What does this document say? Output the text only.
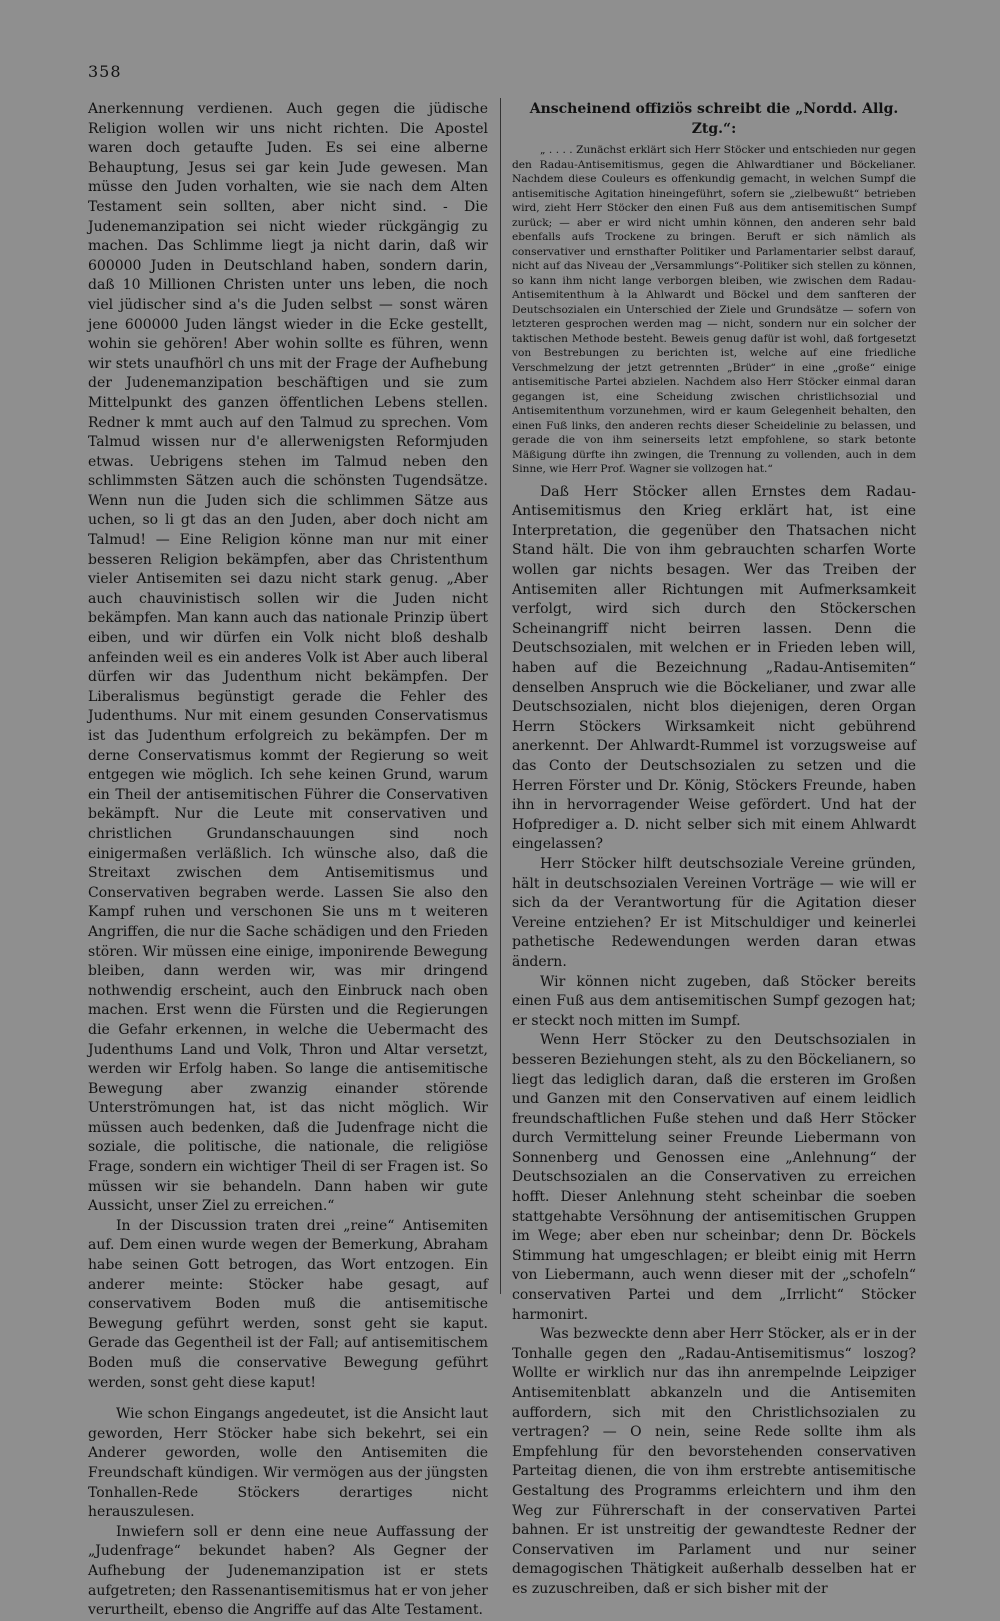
358

Anerkennung verdienen. Auch gegen die jüdische Religion wollen wir uns nicht richten. Die Apostel waren doch getaufte Juden. Es sei eine alberne Behauptung, Jesus sei gar kein Jude gewesen. Man müsse den Juden vorhalten, wie sie nach dem Alten Testament sein sollten, aber nicht sind. - Die Judenemanzipation sei nicht wieder rückgängig zu machen. Das Schlimme liegt ja nicht darin, daß wir 600000 Juden in Deutschland haben, sondern darin, daß 10 Millionen Christen unter uns leben, die noch viel jüdischer sind a's die Juden selbst — sonst wären jene 600000 Juden längst wieder in die Ecke gestellt, wohin sie gehören! Aber wohin sollte es führen, wenn wir stets unaufhörl ch uns mit der Frage der Aufhebung der Judenemanzipation beschäftigen und sie zum Mittelpunkt des ganzen öffentlichen Lebens stellen. Redner k mmt auch auf den Talmud zu sprechen. Vom Talmud wissen nur d'e allerwenigsten Reformjuden etwas. Uebrigens stehen im Talmud neben den schlimmsten Sätzen auch die schönsten Tugendsätze. Wenn nun die Juden sich die schlimmen Sätze aus uchen, so li gt das an den Juden, aber doch nicht am Talmud! — Eine Religion könne man nur mit einer besseren Religion bekämpfen, aber das Christenthum vieler Antisemiten sei dazu nicht stark genug. „Aber auch chauvinistisch sollen wir die Juden nicht bekämpfen. Man kann auch das nationale Prinzip übert eiben, und wir dürfen ein Volk nicht bloß deshalb anfeinden weil es ein anderes Volk ist Aber auch liberal dürfen wir das Judenthum nicht bekämpfen. Der Liberalismus begünstigt gerade die Fehler des Judenthums. Nur mit einem gesunden Conservatismus ist das Judenthum erfolgreich zu bekämpfen. Der m derne Conservatismus kommt der Regierung so weit entgegen wie möglich. Ich sehe keinen Grund, warum ein Theil der antisemitischen Führer die Conservativen bekämpft. Nur die Leute mit conservativen und christlichen Grundanschauungen sind noch einigermaßen verläßlich. Ich wünsche also, daß die Streitaxt zwischen dem Antisemitismus und Conservativen begraben werde. Lassen Sie also den Kampf ruhen und verschonen Sie uns m t weiteren Angriffen, die nur die Sache schädigen und den Frieden stören. Wir müssen eine einige, imponirende Bewegung bleiben, dann werden wir, was mir dringend nothwendig erscheint, auch den Einbruck nach oben machen. Erst wenn die Fürsten und die Regierungen die Gefahr erkennen, in welche die Uebermacht des Judenthums Land und Volk, Thron und Altar versetzt, werden wir Erfolg haben. So lange die antisemitische Bewegung aber zwanzig einander störende Unterströmungen hat, ist das nicht möglich. Wir müssen auch bedenken, daß die Judenfrage nicht die soziale, die politische, die nationale, die religiöse Frage, sondern ein wichtiger Theil di ser Fragen ist. So müssen wir sie behandeln. Dann haben wir gute Aussicht, unser Ziel zu erreichen.“

In der Discussion traten drei „reine“ Antisemiten auf. Dem einen wurde wegen der Bemerkung, Abraham habe seinen Gott betrogen, das Wort entzogen. Ein anderer meinte: Stöcker habe gesagt, auf conservativem Boden muß die antisemitische Bewegung geführt werden, sonst geht sie kaput. Gerade das Gegentheil ist der Fall; auf antisemitischem Boden muß die conservative Bewegung geführt werden, sonst geht diese kaput!

Wie schon Eingangs angedeutet, ist die Ansicht laut geworden, Herr Stöcker habe sich bekehrt, sei ein Anderer geworden, wolle den Antisemiten die Freundschaft kündigen. Wir vermögen aus der jüngsten Tonhallen-Rede Stöckers derartiges nicht herauszulesen.

Inwiefern soll er denn eine neue Auffassung der „Judenfrage“ bekundet haben? Als Gegner der Aufhebung der Judenemanzipation ist er stets aufgetreten; den Rassenantisemitismus hat er von jeher verurtheilt, ebenso die Angriffe auf das Alte Testament.

Anscheinend offiziös schreibt die „Nordd. Allg. Ztg.“:

„ . . . . Zunächst erklärt sich Herr Stöcker und entschieden nur gegen den Radau-Antisemitismus, gegen die Ahlwardtianer und Böckelianer. Nachdem diese Couleurs es offenkundig gemacht, in welchen Sumpf die antisemitische Agitation hineingeführt, sofern sie „zielbewußt“ betrieben wird, zieht Herr Stöcker den einen Fuß aus dem antisemitischen Sumpf zurück; — aber er wird nicht umhin können, den anderen sehr bald ebenfalls aufs Trockene zu bringen. Beruft er sich nämlich als conservativer und ernsthafter Politiker und Parlamentarier selbst darauf, nicht auf das Niveau der „Versammlungs“-Politiker sich stellen zu können, so kann ihm nicht lange verborgen bleiben, wie zwischen dem Radau-Antisemitenthum à la Ahlwardt und Böckel und dem sanfteren der Deutschsozialen ein Unterschied der Ziele und Grundsätze — sofern von letzteren gesprochen werden mag — nicht, sondern nur ein solcher der taktischen Methode besteht. Beweis genug dafür ist wohl, daß fortgesetzt von Bestrebungen zu berichten ist, welche auf eine friedliche Verschmelzung der jetzt getrennten „Brüder“ in eine „große“ einige antisemitische Partei abzielen. Nachdem also Herr Stöcker einmal daran gegangen ist, eine Scheidung zwischen christlichsozial und Antisemitenthum vorzunehmen, wird er kaum Gelegenheit behalten, den einen Fuß links, den anderen rechts dieser Scheidelinie zu belassen, und gerade die von ihm seinerseits letzt empfohlene, so stark betonte Mäßigung dürfte ihn zwingen, die Trennung zu vollenden, auch in dem Sinne, wie Herr Prof. Wagner sie vollzogen hat.“

Daß Herr Stöcker allen Ernstes dem Radau-Antisemitismus den Krieg erklärt hat, ist eine Interpretation, die gegenüber den Thatsachen nicht Stand hält. Die von ihm gebrauchten scharfen Worte wollen gar nichts besagen. Wer das Treiben der Antisemiten aller Richtungen mit Aufmerksamkeit verfolgt, wird sich durch den Stöckerschen Scheinangriff nicht beirren lassen. Denn die Deutschsozialen, mit welchen er in Frieden leben will, haben auf die Bezeichnung „Radau-Antisemiten“ denselben Anspruch wie die Böckelianer, und zwar alle Deutschsozialen, nicht blos diejenigen, deren Organ Herrn Stöckers Wirksamkeit nicht gebührend anerkennt. Der Ahlwardt-Rummel ist vorzugsweise auf das Conto der Deutschsozialen zu setzen und die Herren Förster und Dr. König, Stöckers Freunde, haben ihn in hervorragender Weise gefördert. Und hat der Hofprediger a. D. nicht selber sich mit einem Ahlwardt eingelassen?

Herr Stöcker hilft deutschsoziale Vereine gründen, hält in deutschsozialen Vereinen Vorträge — wie will er sich da der Verantwortung für die Agitation dieser Vereine entziehen? Er ist Mitschuldiger und keinerlei pathetische Redewendungen werden daran etwas ändern.

Wir können nicht zugeben, daß Stöcker bereits einen Fuß aus dem antisemitischen Sumpf gezogen hat; er steckt noch mitten im Sumpf.

Wenn Herr Stöcker zu den Deutschsozialen in besseren Beziehungen steht, als zu den Böckelianern, so liegt das lediglich daran, daß die ersteren im Großen und Ganzen mit den Conservativen auf einem leidlich freundschaftlichen Fuße stehen und daß Herr Stöcker durch Vermittelung seiner Freunde Liebermann von Sonnenberg und Genossen eine „Anlehnung“ der Deutschsozialen an die Conservativen zu erreichen hofft. Dieser Anlehnung steht scheinbar die soeben stattgehabte Versöhnung der antisemitischen Gruppen im Wege; aber eben nur scheinbar; denn Dr. Böckels Stimmung hat umgeschlagen; er bleibt einig mit Herrn von Liebermann, auch wenn dieser mit der „schofeln“ conservativen Partei und dem „Irrlicht“ Stöcker harmonirt.

Was bezweckte denn aber Herr Stöcker, als er in der Tonhalle gegen den „Radau-Antisemitismus“ loszog? Wollte er wirklich nur das ihn anrempelnde Leipziger Antisemitenblatt abkanzeln und die Antisemiten auffordern, sich mit den Christlichsozialen zu vertragen? — O nein, seine Rede sollte ihm als Empfehlung für den bevorstehenden conservativen Parteitag dienen, die von ihm erstrebte antisemitische Gestaltung des Programms erleichtern und ihm den Weg zur Führerschaft in der conservativen Partei bahnen. Er ist unstreitig der gewandteste Redner der Conservativen im Parlament und nur seiner demagogischen Thätigkeit außerhalb desselben hat er es zuzuschreiben, daß er sich bisher mit der
